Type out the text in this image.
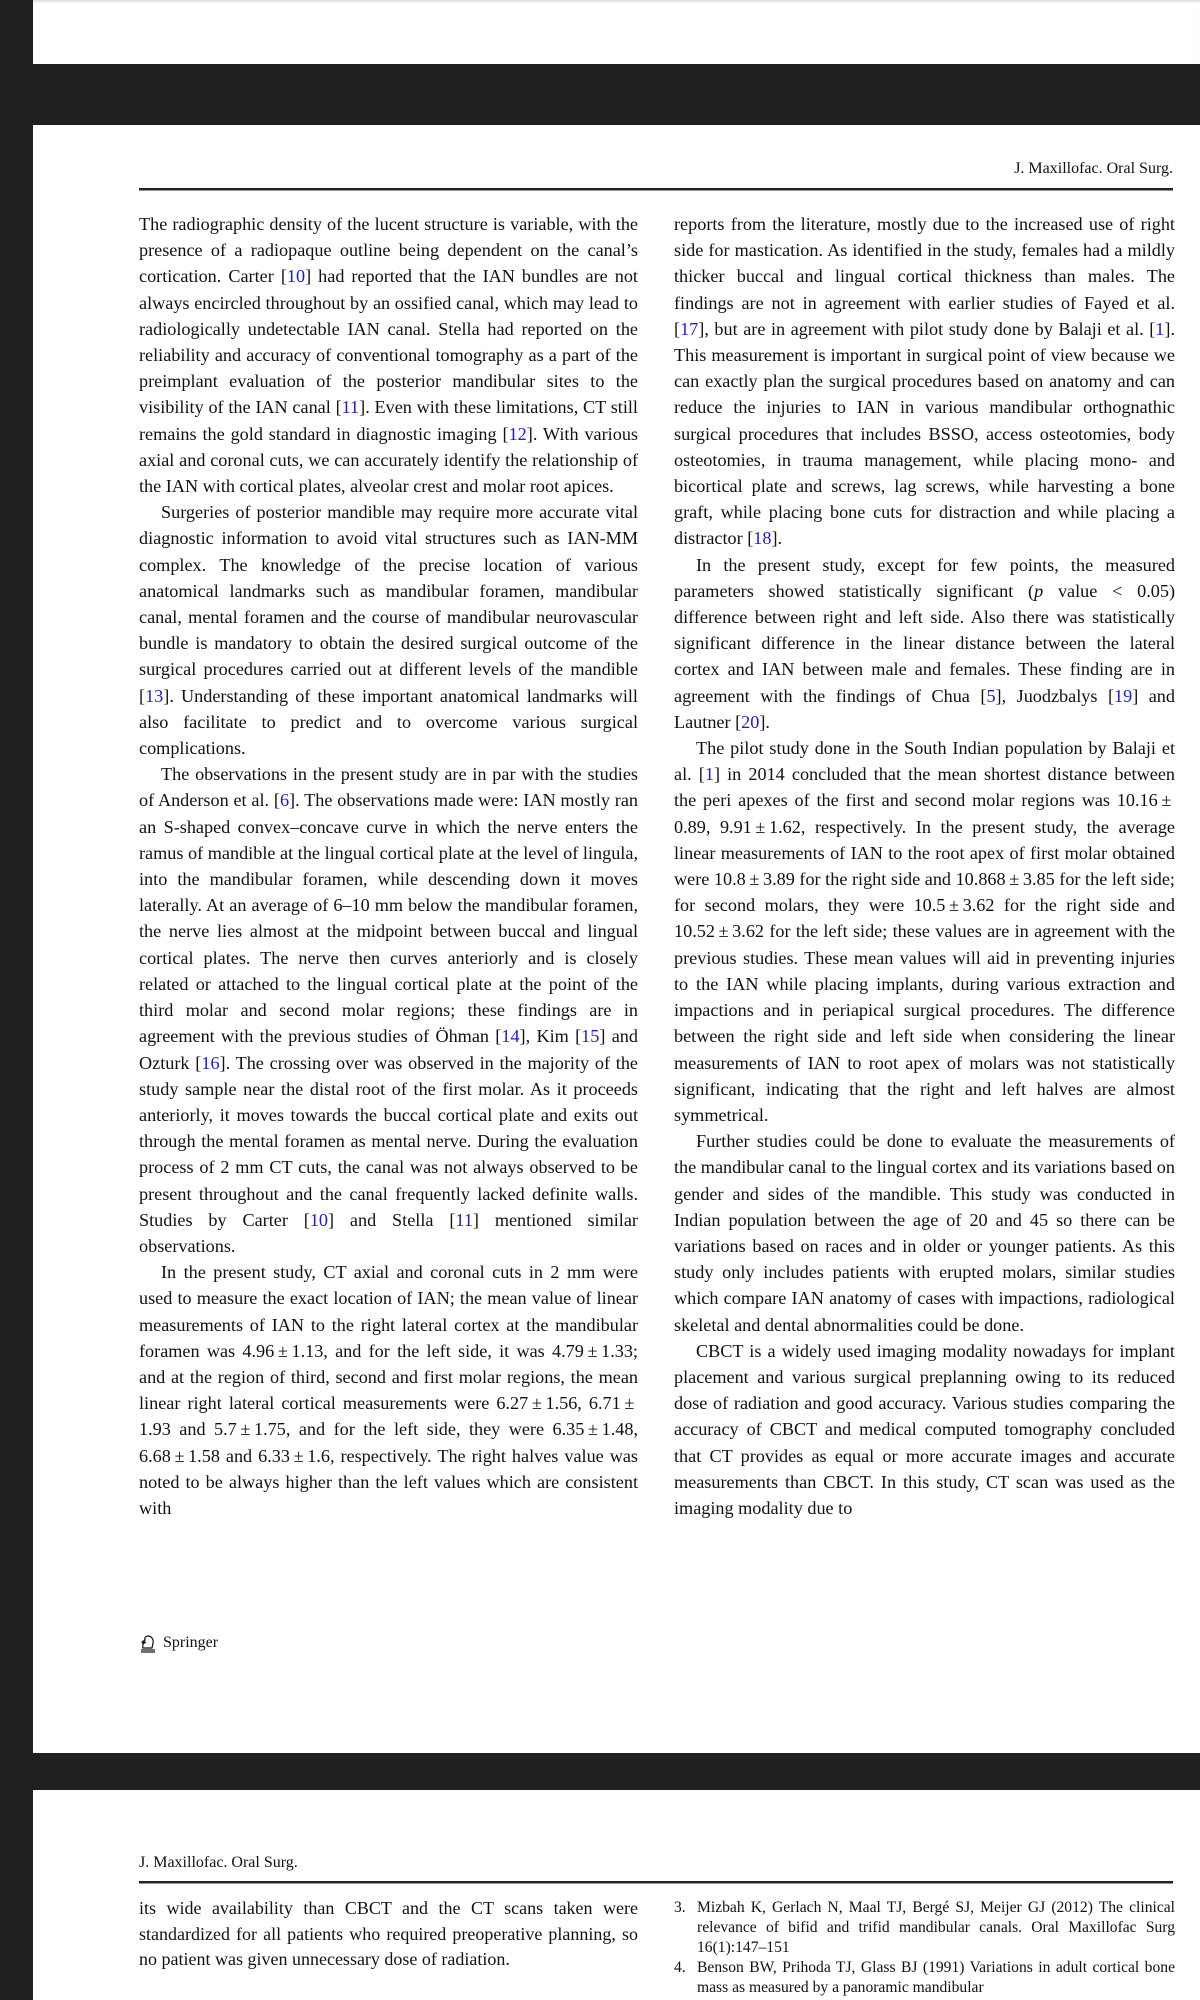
J. Maxillofac. Oral Surg.

The radiographic density of the lucent structure is variable, with the presence of a radiopaque outline being dependent on the canal’s cortication. Carter [10] had reported that the IAN bundles are not always encircled throughout by an ossified canal, which may lead to radiologically undetectable IAN canal. Stella had reported on the reliability and accuracy of conventional tomography as a part of the preimplant evaluation of the posterior mandibular sites to the visibility of the IAN canal [11]. Even with these limitations, CT still remains the gold standard in diagnostic imaging [12]. With various axial and coronal cuts, we can accurately identify the relationship of the IAN with cortical plates, alveolar crest and molar root apices.

Surgeries of posterior mandible may require more accurate vital diagnostic information to avoid vital structures such as IAN-MM complex. The knowledge of the precise location of various anatomical landmarks such as mandibular foramen, mandibular canal, mental foramen and the course of mandibular neurovascular bundle is mandatory to obtain the desired surgical outcome of the surgical procedures carried out at different levels of the mandible [13]. Understanding of these important anatomical landmarks will also facilitate to predict and to overcome various surgical complications.

The observations in the present study are in par with the studies of Anderson et al. [6]. The observations made were: IAN mostly ran an S-shaped convex–concave curve in which the nerve enters the ramus of mandible at the lingual cortical plate at the level of lingula, into the mandibular foramen, while descending down it moves laterally. At an average of 6–10 mm below the mandibular foramen, the nerve lies almost at the midpoint between buccal and lingual cortical plates. The nerve then curves anteriorly and is closely related or attached to the lingual cortical plate at the point of the third molar and second molar regions; these findings are in agreement with the previous studies of Öhman [14], Kim [15] and Ozturk [16]. The crossing over was observed in the majority of the study sample near the distal root of the first molar. As it proceeds anteriorly, it moves towards the buccal cortical plate and exits out through the mental foramen as mental nerve. During the evaluation process of 2 mm CT cuts, the canal was not always observed to be present throughout and the canal frequently lacked definite walls. Studies by Carter [10] and Stella [11] mentioned similar observations.

In the present study, CT axial and coronal cuts in 2 mm were used to measure the exact location of IAN; the mean value of linear measurements of IAN to the right lateral cortex at the mandibular foramen was 4.96 ± 1.13, and for the left side, it was 4.79 ± 1.33; and at the region of third, second and first molar regions, the mean linear right lateral cortical measurements were 6.27 ± 1.56, 6.71 ± 1.93 and 5.7 ± 1.75, and for the left side, they were 6.35 ± 1.48, 6.68 ± 1.58 and 6.33 ± 1.6, respectively. The right halves value was noted to be always higher than the left values which are consistent with

reports from the literature, mostly due to the increased use of right side for mastication. As identified in the study, females had a mildly thicker buccal and lingual cortical thickness than males. The findings are not in agreement with earlier studies of Fayed et al. [17], but are in agreement with pilot study done by Balaji et al. [1]. This measurement is important in surgical point of view because we can exactly plan the surgical procedures based on anatomy and can reduce the injuries to IAN in various mandibular orthognathic surgical procedures that includes BSSO, access osteotomies, body osteotomies, in trauma management, while placing mono- and bicortical plate and screws, lag screws, while harvesting a bone graft, while placing bone cuts for distraction and while placing a distractor [18].

In the present study, except for few points, the measured parameters showed statistically significant (p value < 0.05) difference between right and left side. Also there was statistically significant difference in the linear distance between the lateral cortex and IAN between male and females. These finding are in agreement with the findings of Chua [5], Juodzbalys [19] and Lautner [20].

The pilot study done in the South Indian population by Balaji et al. [1] in 2014 concluded that the mean shortest distance between the peri apexes of the first and second molar regions was 10.16 ± 0.89, 9.91 ± 1.62, respectively. In the present study, the average linear measurements of IAN to the root apex of first molar obtained were 10.8 ± 3.89 for the right side and 10.868 ± 3.85 for the left side; for second molars, they were 10.5 ± 3.62 for the right side and 10.52 ± 3.62 for the left side; these values are in agreement with the previous studies. These mean values will aid in preventing injuries to the IAN while placing implants, during various extraction and impactions and in periapical surgical procedures. The difference between the right side and left side when considering the linear measurements of IAN to root apex of molars was not statistically significant, indicating that the right and left halves are almost symmetrical.

Further studies could be done to evaluate the measurements of the mandibular canal to the lingual cortex and its variations based on gender and sides of the mandible. This study was conducted in Indian population between the age of 20 and 45 so there can be variations based on races and in older or younger patients. As this study only includes patients with erupted molars, similar studies which compare IAN anatomy of cases with impactions, radiological skeletal and dental abnormalities could be done.

CBCT is a widely used imaging modality nowadays for implant placement and various surgical preplanning owing to its reduced dose of radiation and good accuracy. Various studies comparing the accuracy of CBCT and medical computed tomography concluded that CT provides as equal or more accurate images and accurate measurements than CBCT. In this study, CT scan was used as the imaging modality due to

Springer
J. Maxillofac. Oral Surg.

its wide availability than CBCT and the CT scans taken were standardized for all patients who required preoperative planning, so no patient was given unnecessary dose of radiation.

3. Mizbah K, Gerlach N, Maal TJ, Bergé SJ, Meijer GJ (2012) The clinical relevance of bifid and trifid mandibular canals. Oral Maxillofac Surg 16(1):147–151
4. Benson BW, Prihoda TJ, Glass BJ (1991) Variations in adult cortical bone mass as measured by a panoramic mandibular
